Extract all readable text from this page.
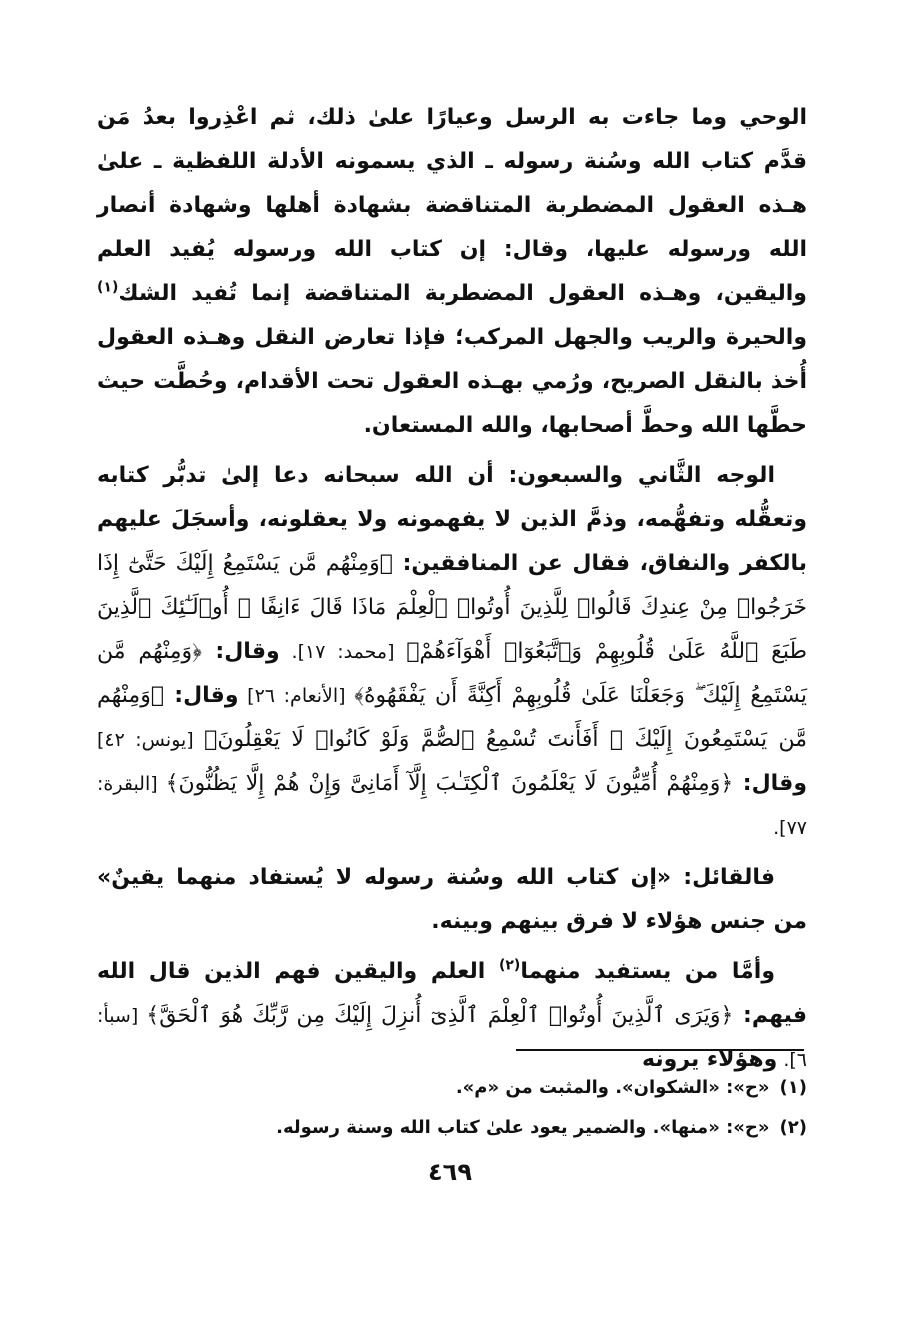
الوحي وما جاءت به الرسل وعيارًا علىٰ ذلك، ثم اعْذِروا بعدُ مَن قدَّم كتاب الله وسُنة رسوله ـ الذي يسمونه الأدلة اللفظية ـ علىٰ هـذه العقول المضطربة المتناقضة بشهادة أهلها وشهادة أنصار الله ورسوله عليها، وقال: إن كتاب الله ورسوله يُفيد العلم واليقين، وهـذه العقول المضطربة المتناقضة إنما تُفيد الشك$^{(١)}$ والحيرة والريب والجهل المركب؛ فإذا تعارض النقل وهـذه العقول أُخذ بالنقل الصريح، ورُمي بهـذه العقول تحت الأقدام، وحُطَّت حيث حطَّها الله وحطَّ أصحابها، والله المستعان.

الوجه الثَّاني والسبعون: أن الله سبحانه دعا إلىٰ تدبُّر كتابه وتعقُّله وتفهُّمه، وذمَّ الذين لا يفهمونه ولا يعقلونه، وأسجَلَ عليهم بالكفر والنفاق، فقال عن المنافقين: ﴿وَمِنْهُم مَّن يَسْتَمِعُ إِلَيْكَ حَتَّىٰٓ إِذَا خَرَجُوا۟ مِنْ عِندِكَ قَالُوا۟ لِلَّذِينَ أُوتُوا۟ ٱلْعِلْمَ مَاذَا قَالَ ءَانِفًا ۚ أُو۟لَـٰٓئِكَ ٱلَّذِينَ طَبَعَ ٱللَّهُ عَلَىٰ قُلُوبِهِمْ وَٱتَّبَعُوٓا۟ أَهْوَآءَهُمْ﴾ [محمد: ١٧]. وقال: ﴿وَمِنْهُم مَّن يَسْتَمِعُ إِلَيْكَ ۖ وَجَعَلْنَا عَلَىٰ قُلُوبِهِمْ أَكِنَّةً أَن يَفْقَهُوهُ﴾ [الأنعام: ٢٦] وقال: ﴿وَمِنْهُم مَّن يَسْتَمِعُونَ إِلَيْكَ ۚ أَفَأَنتَ تُسْمِعُ ٱلصُّمَّ وَلَوْ كَانُوا۟ لَا يَعْقِلُونَ﴾ [يونس: ٤٢] وقال: ﴿وَمِنْهُمْ أُمِّيُّونَ لَا يَعْلَمُونَ ٱلْكِتَـٰبَ إِلَّآ أَمَانِىَّ وَإِنْ هُمْ إِلَّا يَظُنُّونَ﴾ [البقرة: ٧٧].

فالقائل: «إن كتاب الله وسُنة رسوله لا يُستفاد منهما يقينٌ» من جنس هؤلاء لا فرق بينهم وبينه.

وأمَّا من يستفيد منهما$^{(٢)}$ العلم واليقين فهم الذين قال الله فيهم: ﴿وَيَرَى ٱلَّذِينَ أُوتُوا۟ ٱلْعِلْمَ ٱلَّذِىٓ أُنزِلَ إِلَيْكَ مِن رَّبِّكَ هُوَ ٱلْحَقَّ﴾ [سبأ: ٦]. وهؤلاء يرونه

(١)«ح»: «الشكوان». والمثبت من «م».

(٢)«ح»: «منها». والضمير يعود علىٰ كتاب الله وسنة رسوله.

٤٦٩
